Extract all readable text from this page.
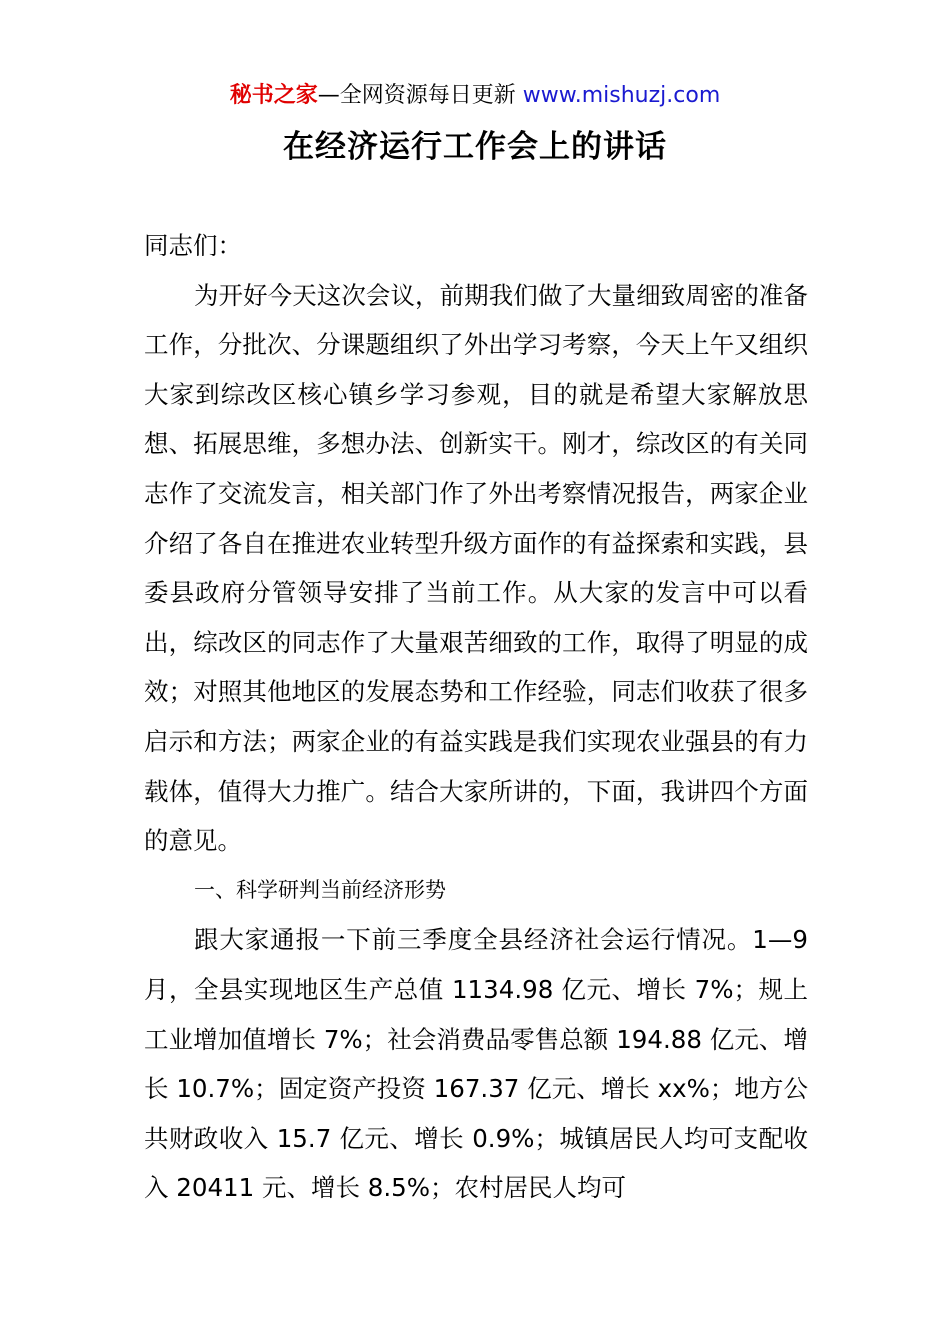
秘书之家—全网资源每日更新 www.mishuzj.com
在经济运行工作会上的讲话

同志们：

为开好今天这次会议，前期我们做了大量细致周密的准备工作，分批次、分课题组织了外出学习考察，今天上午又组织大家到综改区核心镇乡学习参观，目的就是希望大家解放思想、拓展思维，多想办法、创新实干。刚才，综改区的有关同志作了交流发言，相关部门作了外出考察情况报告，两家企业介绍了各自在推进农业转型升级方面作的有益探索和实践，县委县政府分管领导安排了当前工作。从大家的发言中可以看出，综改区的同志作了大量艰苦细致的工作，取得了明显的成效；对照其他地区的发展态势和工作经验，同志们收获了很多启示和方法；两家企业的有益实践是我们实现农业强县的有力载体，值得大力推广。结合大家所讲的，下面，我讲四个方面的意见。

一、科学研判当前经济形势

跟大家通报一下前三季度全县经济社会运行情况。1—9月，全县实现地区生产总值 1134.98 亿元、增长 7%；规上工业增加值增长 7%；社会消费品零售总额 194.88 亿元、增长 10.7%；固定资产投资 167.37 亿元、增长 xx%；地方公共财政收入 15.7 亿元、增长 0.9%；城镇居民人均可支配收入 20411 元、增长 8.5%；农村居民人均可
